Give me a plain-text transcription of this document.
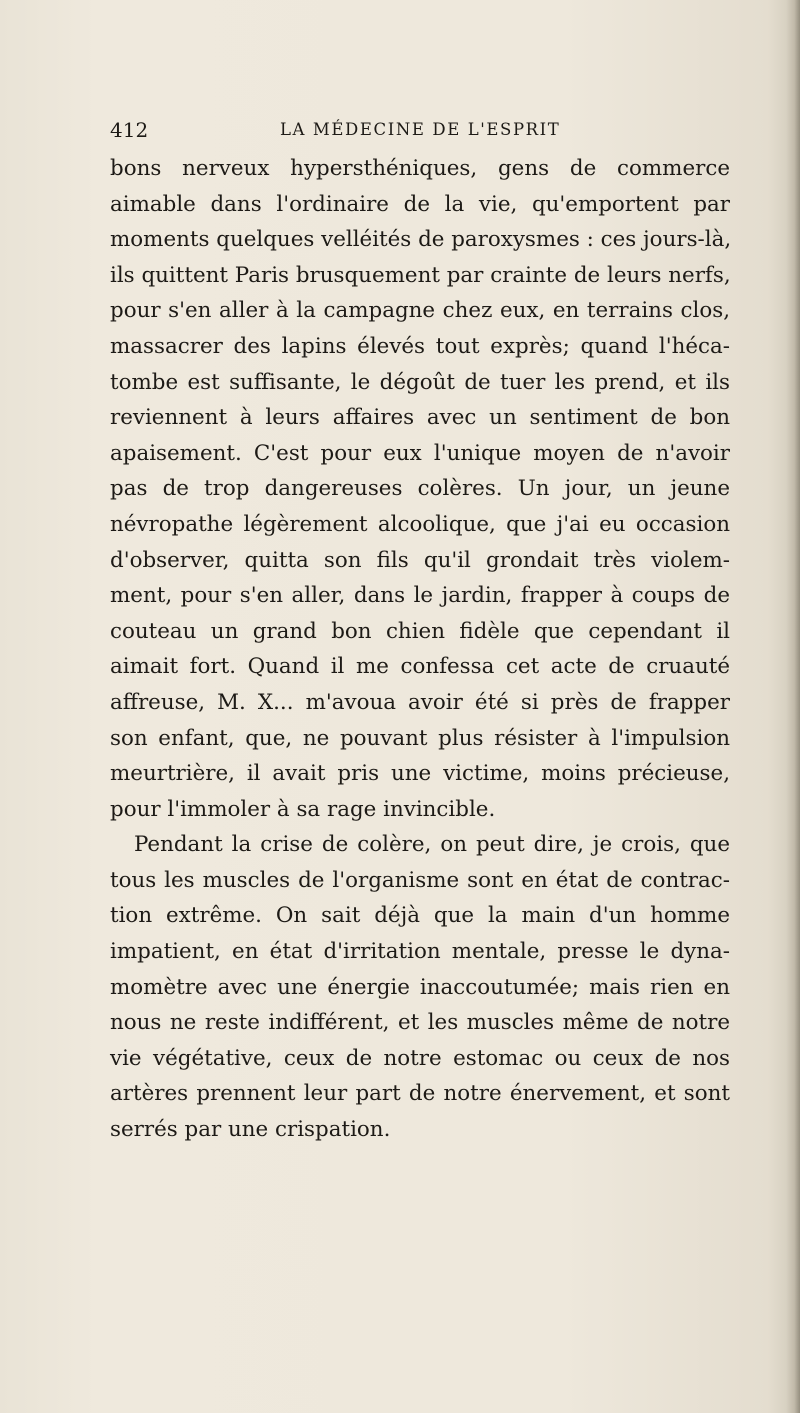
412	LA MÉDECINE DE L'ESPRIT
bons nerveux hypersthéniques, gens de commerce
aimable dans l'ordinaire de la vie, qu'emportent par
moments quelques velléités de paroxysmes : ces jours-là,
ils quittent Paris brusquement par crainte de leurs nerfs,
pour s'en aller à la campagne chez eux, en terrains clos,
massacrer des lapins élevés tout exprès; quand l'héca-
tombe est suffisante, le dégoût de tuer les prend, et ils
reviennent à leurs affaires avec un sentiment de bon
apaisement. C'est pour eux l'unique moyen de n'avoir
pas de trop dangereuses colères. Un jour, un jeune
névropathe légèrement alcoolique, que j'ai eu occasion
d'observer, quitta son fils qu'il grondait très violem-
ment, pour s'en aller, dans le jardin, frapper à coups de
couteau un grand bon chien fidèle que cependant il
aimait fort. Quand il me confessa cet acte de cruauté
affreuse, M. X... m'avoua avoir été si près de frapper
son enfant, que, ne pouvant plus résister à l'impulsion
meurtrière, il avait pris une victime, moins précieuse,
pour l'immoler à sa rage invincible.
Pendant la crise de colère, on peut dire, je crois, que
tous les muscles de l'organisme sont en état de contrac-
tion extrême. On sait déjà que la main d'un homme
impatient, en état d'irritation mentale, presse le dyna-
momètre avec une énergie inaccoutumée; mais rien en
nous ne reste indifférent, et les muscles même de notre
vie végétative, ceux de notre estomac ou ceux de nos
artères prennent leur part de notre énervement, et sont
serrés par une crispation.
